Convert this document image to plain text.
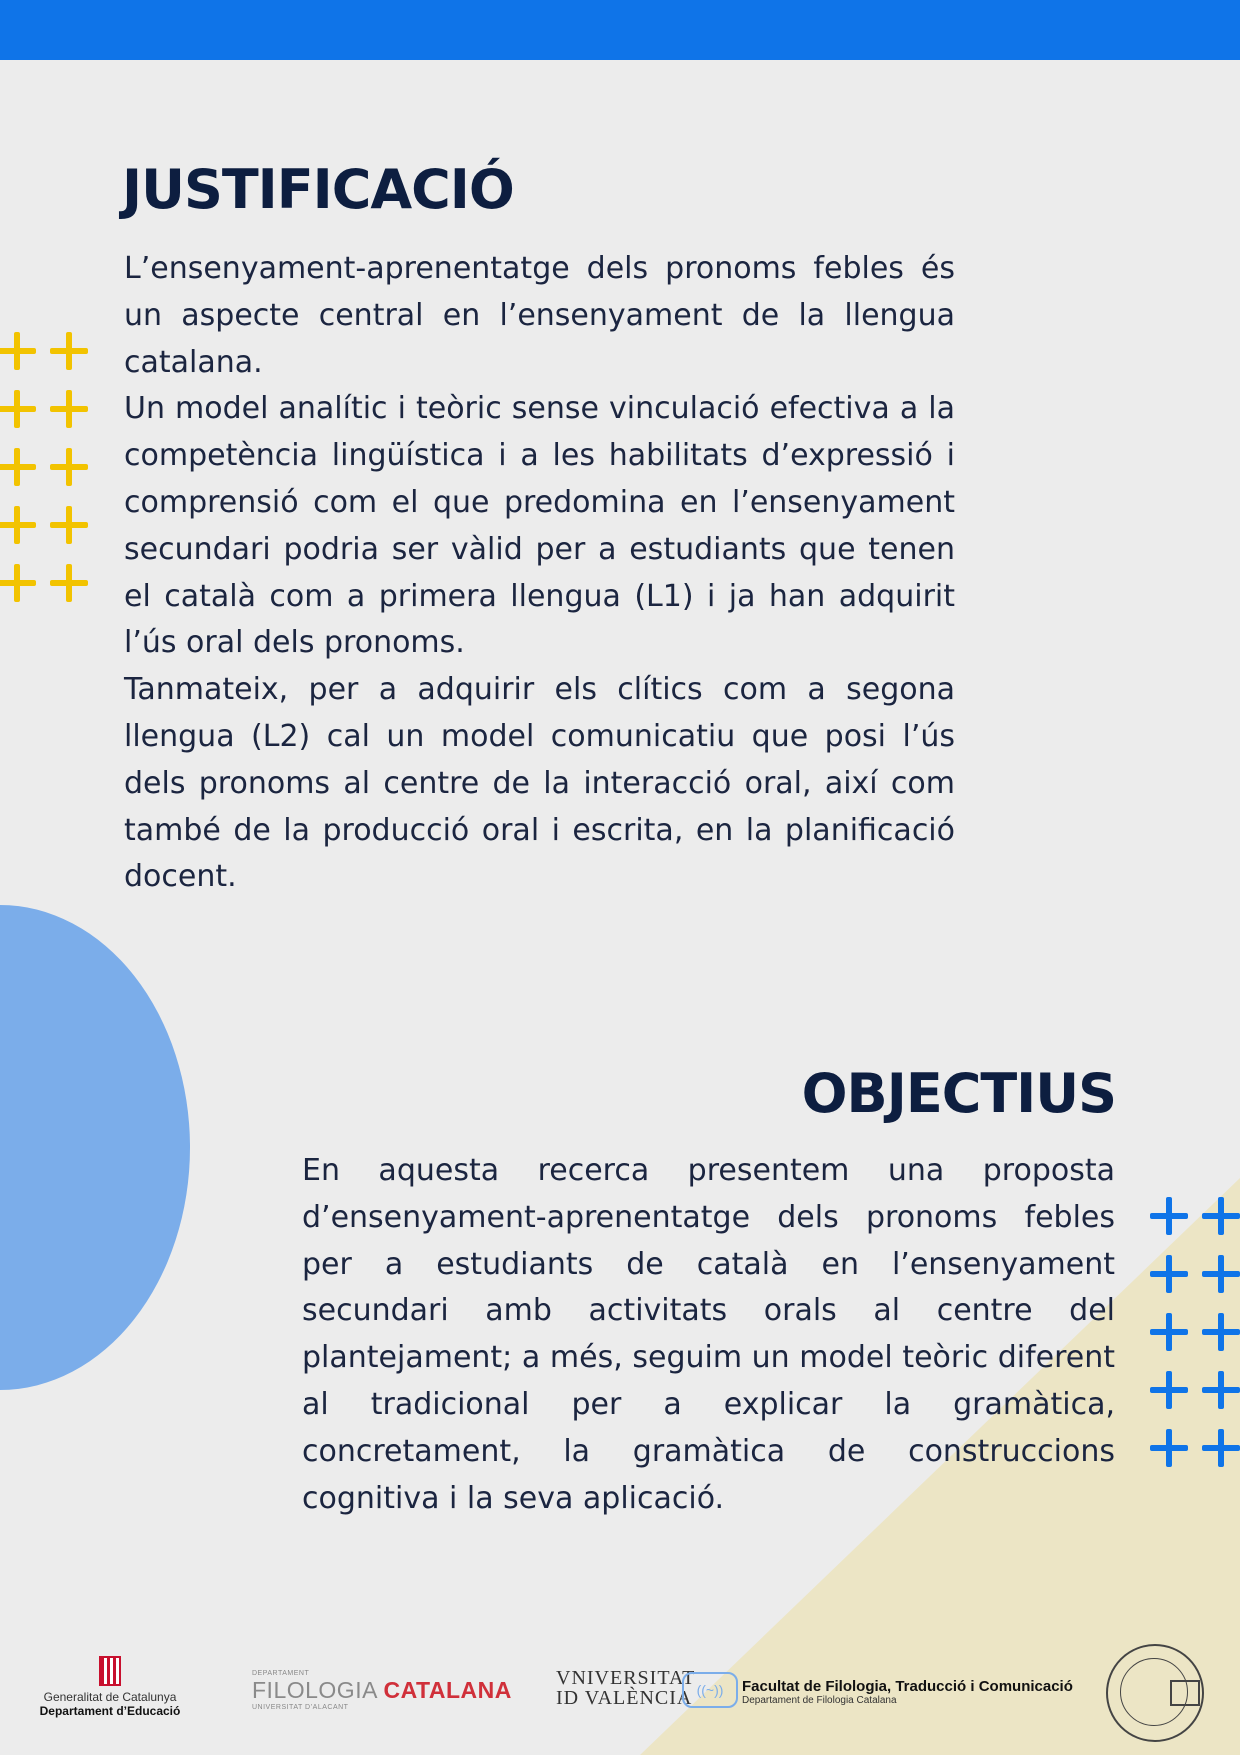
JUSTIFICACIÓ
L’ensenyament-aprenentatge dels pronoms febles és un aspecte central en l’ensenyament de la llengua catalana.
Un model analític i teòric sense vinculació efectiva a la competència lingüística i a les habilitats d’expressió i comprensió com el que predomina en l’ensenyament secundari podria ser vàlid per a estudiants que tenen el català com a primera llengua (L1) i ja han adquirit l’ús oral dels pronoms.
Tanmateix, per a adquirir els clítics com a segona llengua (L2) cal un model comunicatiu que posi l’ús dels pronoms al centre de la interacció oral, així com també de la producció oral i escrita, en la planificació docent.
OBJECTIUS
En aquesta recerca presentem una proposta d’ensenyament-aprenentatge dels pronoms febles per a estudiants de català en l’ensenyament secundari amb activitats orals al centre del plantejament; a més, seguim un model teòric diferent al tradicional per a explicar la gramàtica, concretament, la gramàtica de construccions cognitiva i la seva aplicació.
Generalitat de Catalunya
Departament d’Educació
DEPARTAMENT
FILOLOGIA CATALANA
UNIVERSITAT D’ALACANT
VNIVERSITAT
ID VALÈNCIA ((~))	Facultat de Filologia, Traducció i Comunicació
Departament de Filologia Catalana
